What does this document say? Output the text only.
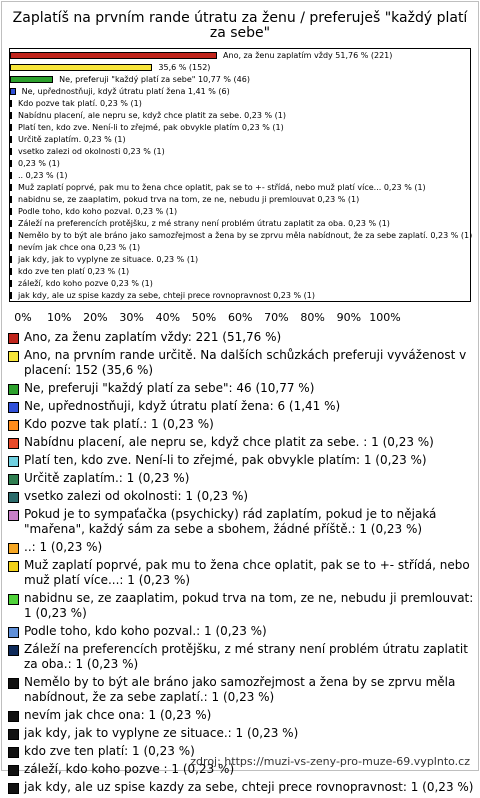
Zaplatíš na prvním rande útratu za ženu / preferuješ "každý platí za sebe"
Ano, za ženu zaplatím vždy 51,76 % (221)
35,6 % (152)
Ne, preferuji "každý platí za sebe" 10,77 % (46)
Ne, upřednostňuji, když útratu platí žena 1,41 % (6)
Kdo pozve tak platí. 0,23 % (1)
Nabídnu placení, ale nepru se, když chce platit za sebe. 0,23 % (1)
Platí ten, kdo zve. Není-li to zřejmé, pak obvykle platím 0,23 % (1)
Určitě zaplatím. 0,23 % (1)
vsetko zalezi od okolnosti 0,23 % (1)
0,23 % (1)
.. 0,23 % (1)
Muž zaplatí poprvé, pak mu to žena chce oplatit, pak se to +- střídá, nebo muž platí více... 0,23 % (1)
nabidnu se, ze zaaplatim, pokud trva na tom, ze ne, nebudu ji premlouvat 0,23 % (1)
Podle toho, kdo koho pozval. 0,23 % (1)
Záleží na preferencích protějšku, z mé strany není problém útratu zaplatit za oba. 0,23 % (1)
Nemělo by to být ale bráno jako samozřejmost a žena by se zprvu měla nabídnout, že za sebe zaplatí. 0,23 % (1)
nevím jak chce ona 0,23 % (1)
jak kdy, jak to vyplyne ze situace. 0,23 % (1)
kdo zve ten platí 0,23 % (1)
záleží, kdo koho pozve 0,23 % (1)
jak kdy, ale uz spise kazdy za sebe, chteji prece rovnopravnost 0,23 % (1)
0% 10% 20% 30% 40% 50% 60% 70% 80% 90% 100%
Ano, za ženu zaplatím vždy: 221 (51,76 %)
Ano, na prvním rande určitě. Na dalších schůzkách preferuji vyváženost v placení: 152 (35,6 %)
Ne, preferuji "každý platí za sebe": 46 (10,77 %)
Ne, upřednostňuji, když útratu platí žena: 6 (1,41 %)
Kdo pozve tak platí.: 1 (0,23 %)
Nabídnu placení, ale nepru se, když chce platit za sebe. : 1 (0,23 %)
Platí ten, kdo zve. Není-li to zřejmé, pak obvykle platím: 1 (0,23 %)
Určitě zaplatím.: 1 (0,23 %)
vsetko zalezi od okolnosti: 1 (0,23 %)
Pokud je to sympaťačka (psychicky) rád zaplatím, pokud je to nějaká "mařena", každý sám za sebe a sbohem, žádné příště.: 1 (0,23 %)
..: 1 (0,23 %)
Muž zaplatí poprvé, pak mu to žena chce oplatit, pak se to +- střídá, nebo muž platí více...: 1 (0,23 %)
nabidnu se, ze zaaplatim, pokud trva na tom, ze ne, nebudu ji premlouvat: 1 (0,23 %)
Podle toho, kdo koho pozval.: 1 (0,23 %)
Záleží na preferencích protějšku, z mé strany není problém útratu zaplatit za oba.: 1 (0,23 %)
Nemělo by to být ale bráno jako samozřejmost a žena by se zprvu měla nabídnout, že za sebe zaplatí.: 1 (0,23 %)
nevím jak chce ona: 1 (0,23 %)
jak kdy, jak to vyplyne ze situace.: 1 (0,23 %)
kdo zve ten platí: 1 (0,23 %)
záleží, kdo koho pozve : 1 (0,23 %)
jak kdy, ale uz spise kazdy za sebe, chteji prece rovnopravnost: 1 (0,23 %)
zdroj: https://muzi-vs-zeny-pro-muze-69.vyplnto.cz
